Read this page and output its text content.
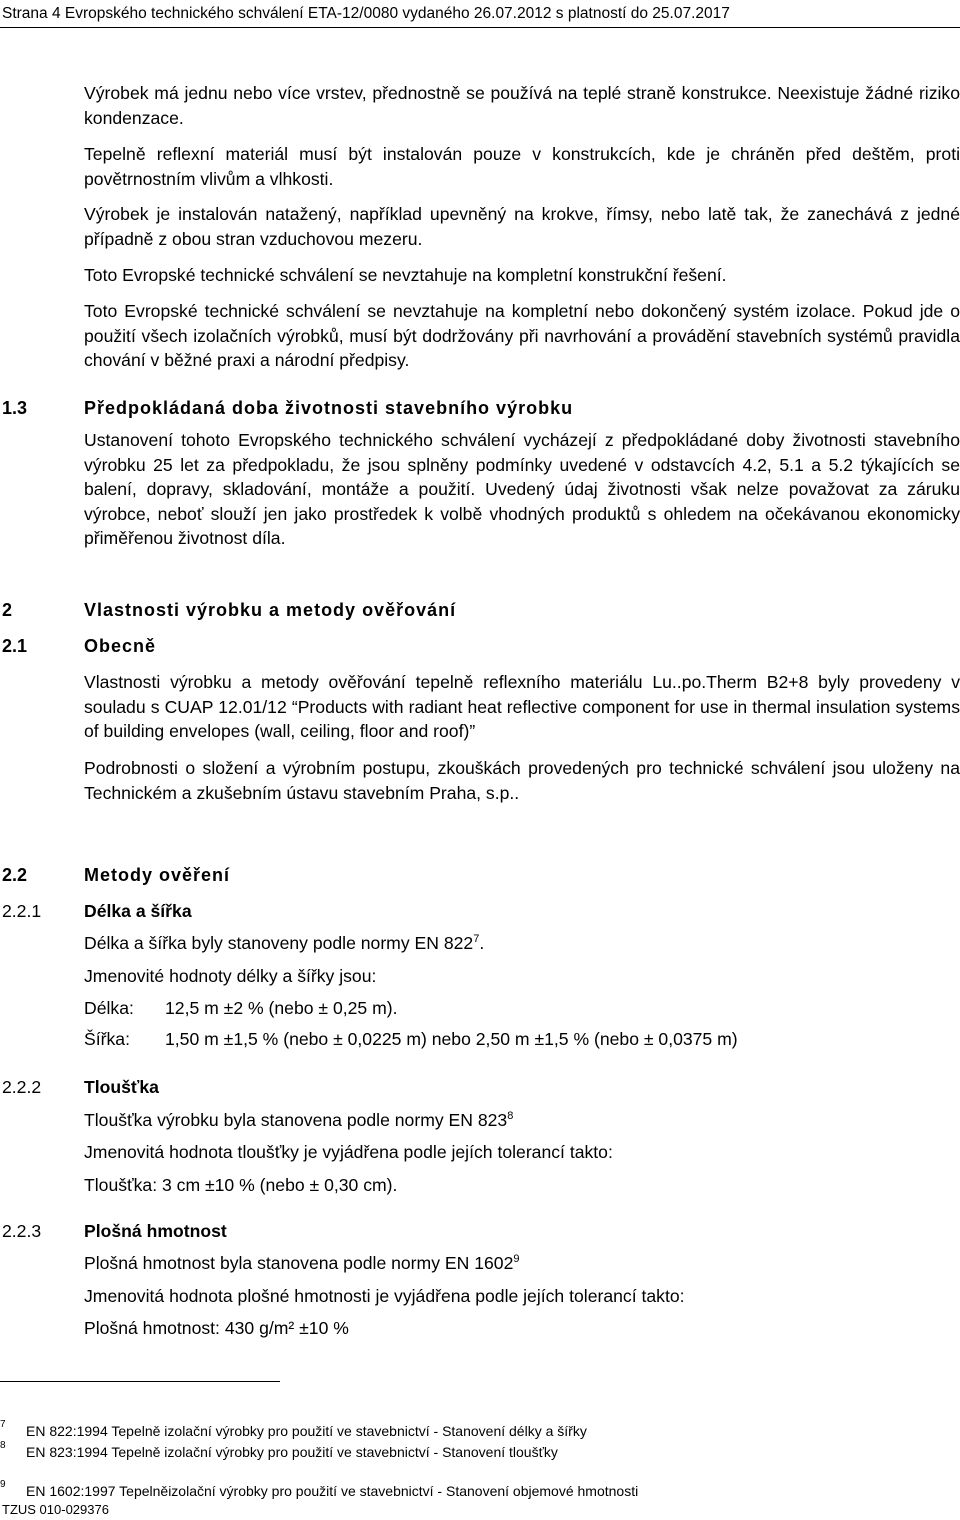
Strana 4 Evropského technického schválení ETA-12/0080 vydaného 26.07.2012 s platností do 25.07.2017

Výrobek má jednu nebo více vrstev, přednostně se používá na teplé straně konstrukce. Neexistuje žádné riziko kondenzace.

Tepelně reflexní materiál musí být instalován pouze v konstrukcích, kde je chráněn před deštěm, proti povětrnostním vlivům a vlhkosti.

Výrobek je instalován natažený, například upevněný na krokve, římsy, nebo latě tak, že zanechává z jedné případně z obou stran vzduchovou mezeru.

Toto Evropské technické schválení se nevztahuje na kompletní konstrukční řešení.

Toto Evropské technické schválení se nevztahuje na kompletní nebo dokončený systém izolace. Pokud jde o použití všech izolačních výrobků, musí být dodržovány při navrhování a provádění stavebních systémů pravidla chování v běžné praxi a národní předpisy.

1.3	Předpokládaná doba životnosti stavebního výrobku

Ustanovení tohoto Evropského technického schválení vycházejí z předpokládané doby životnosti stavebního výrobku 25 let za předpokladu, že jsou splněny podmínky uvedené v odstavcích 4.2, 5.1 a 5.2 týkajících se balení, dopravy, skladování, montáže a použití. Uvedený údaj životnosti však nelze považovat za záruku výrobce, neboť slouží jen jako prostředek k volbě vhodných produktů s ohledem na očekávanou ekonomicky přiměřenou životnost díla.

2	Vlastnosti výrobku a metody ověřování
2.1	Obecně

Vlastnosti výrobku a metody ověřování tepelně reflexního materiálu Lu..po.Therm B2+8 byly provedeny v souladu s CUAP 12.01/12 “Products with radiant heat reflective component for use in thermal insulation systems of building envelopes (wall, ceiling, floor and roof)”

Podrobnosti o složení a výrobním postupu, zkouškách provedených pro technické schválení jsou uloženy na Technickém a zkušebním ústavu stavebním Praha, s.p..

2.2	Metody ověření
2.2.1 Délka a šířka
Délka a šířka byly stanoveny podle normy EN $822^7$.
Jmenovité hodnoty délky a šířky jsou:
Délka: 12,5 m ±2 % (nebo ± 0,25 m).
Šířka: 1,50 m ±1,5 % (nebo ± 0,0225 m) nebo 2,50 m ±1,5 % (nebo ± 0,0375 m)
2.2.2 Tloušťka
Tloušťka výrobku byla stanovena podle normy EN $823^8$
Jmenovitá hodnota tloušťky je vyjádřena podle jejích tolerancí takto:
Tloušťka: 3 cm ±10 % (nebo ± 0,30 cm).
2.2.3 Plošná hmotnost
Plošná hmotnost byla stanovena podle normy EN 1602$^9$
Jmenovitá hodnota plošné hmotnosti je vyjádřena podle jejích tolerancí takto:
Plošná hmotnost: 430 g/m² ±10 %
7 EN 822:1994 Tepelně izolační výrobky pro použití ve stavebnictví - Stanovení délky a šířky
8 EN 823:1994 Tepelně izolační výrobky pro použití ve stavebnictví - Stanovení tloušťky
9 EN 1602:1997 Tepelněizolační výrobky pro použití ve stavebnictví - Stanovení objemové hmotnosti
TZUS 010-029376
